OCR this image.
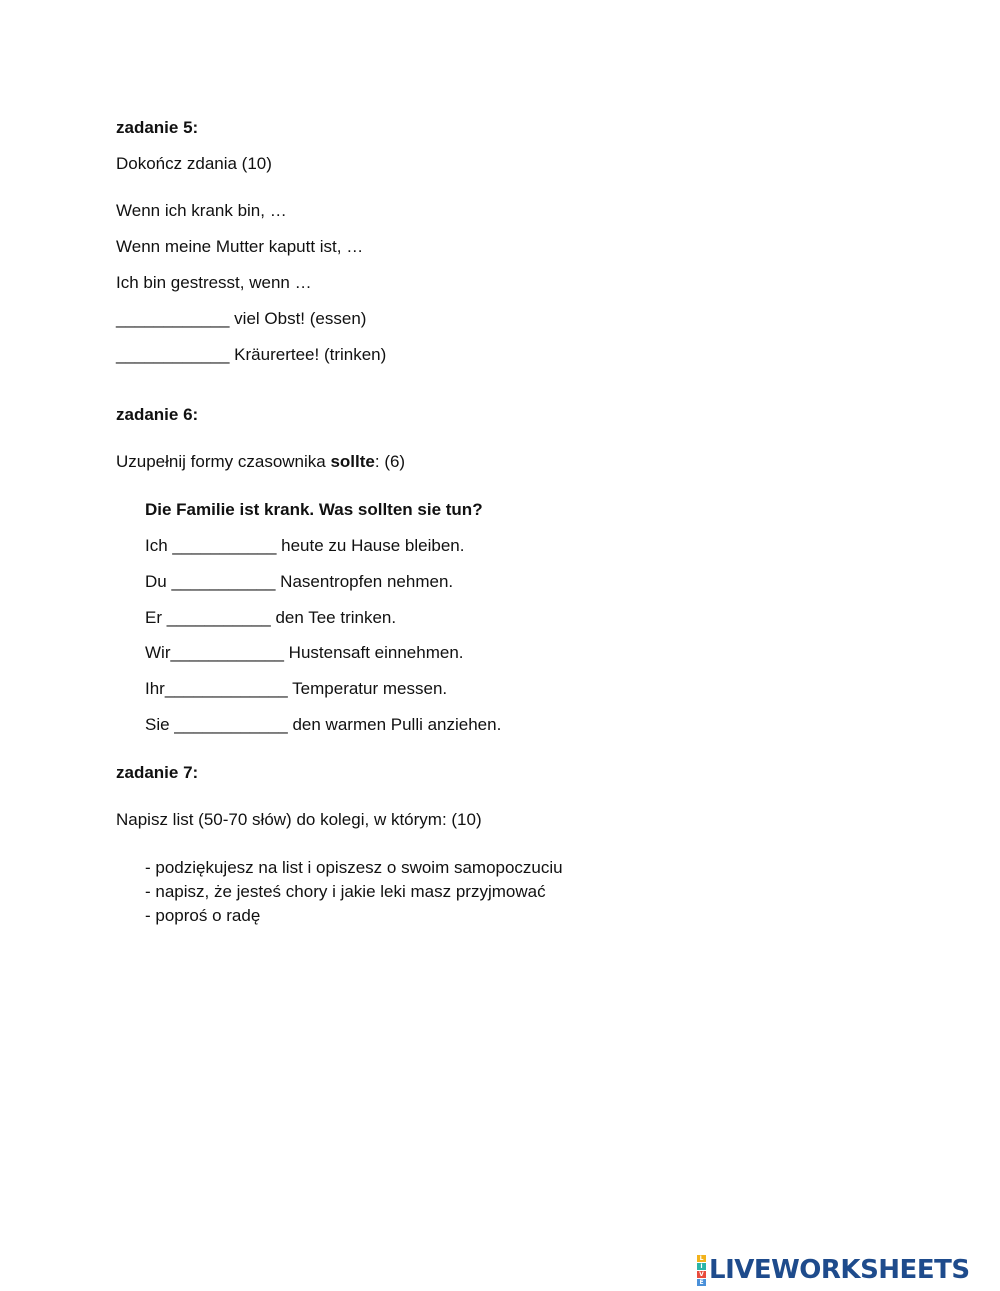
zadanie 5:
Dokończ zdania (10)
Wenn ich krank bin, …
Wenn meine Mutter kaputt ist, …
Ich bin gestresst, wenn …
____________ viel Obst! (essen)
____________ Kräurertee! (trinken)
zadanie 6:
Uzupełnij formy czasownika sollte: (6)
Die Familie ist krank. Was sollten sie tun?
Ich ___________ heute zu Hause bleiben.
Du ___________ Nasentropfen nehmen.
Er ___________ den Tee trinken.
Wir____________ Hustensaft einnehmen.
Ihr_____________ Temperatur messen.
Sie ____________ den warmen Pulli anziehen.
zadanie 7:
Napisz list (50-70 słów) do kolegi, w którym: (10)
- podziękujesz na list i opiszesz o swoim samopoczuciu
- napisz, że jesteś chory i jakie leki masz przyjmować
- poproś o radę
L
I
V
E LIVEWORKSHEETS
